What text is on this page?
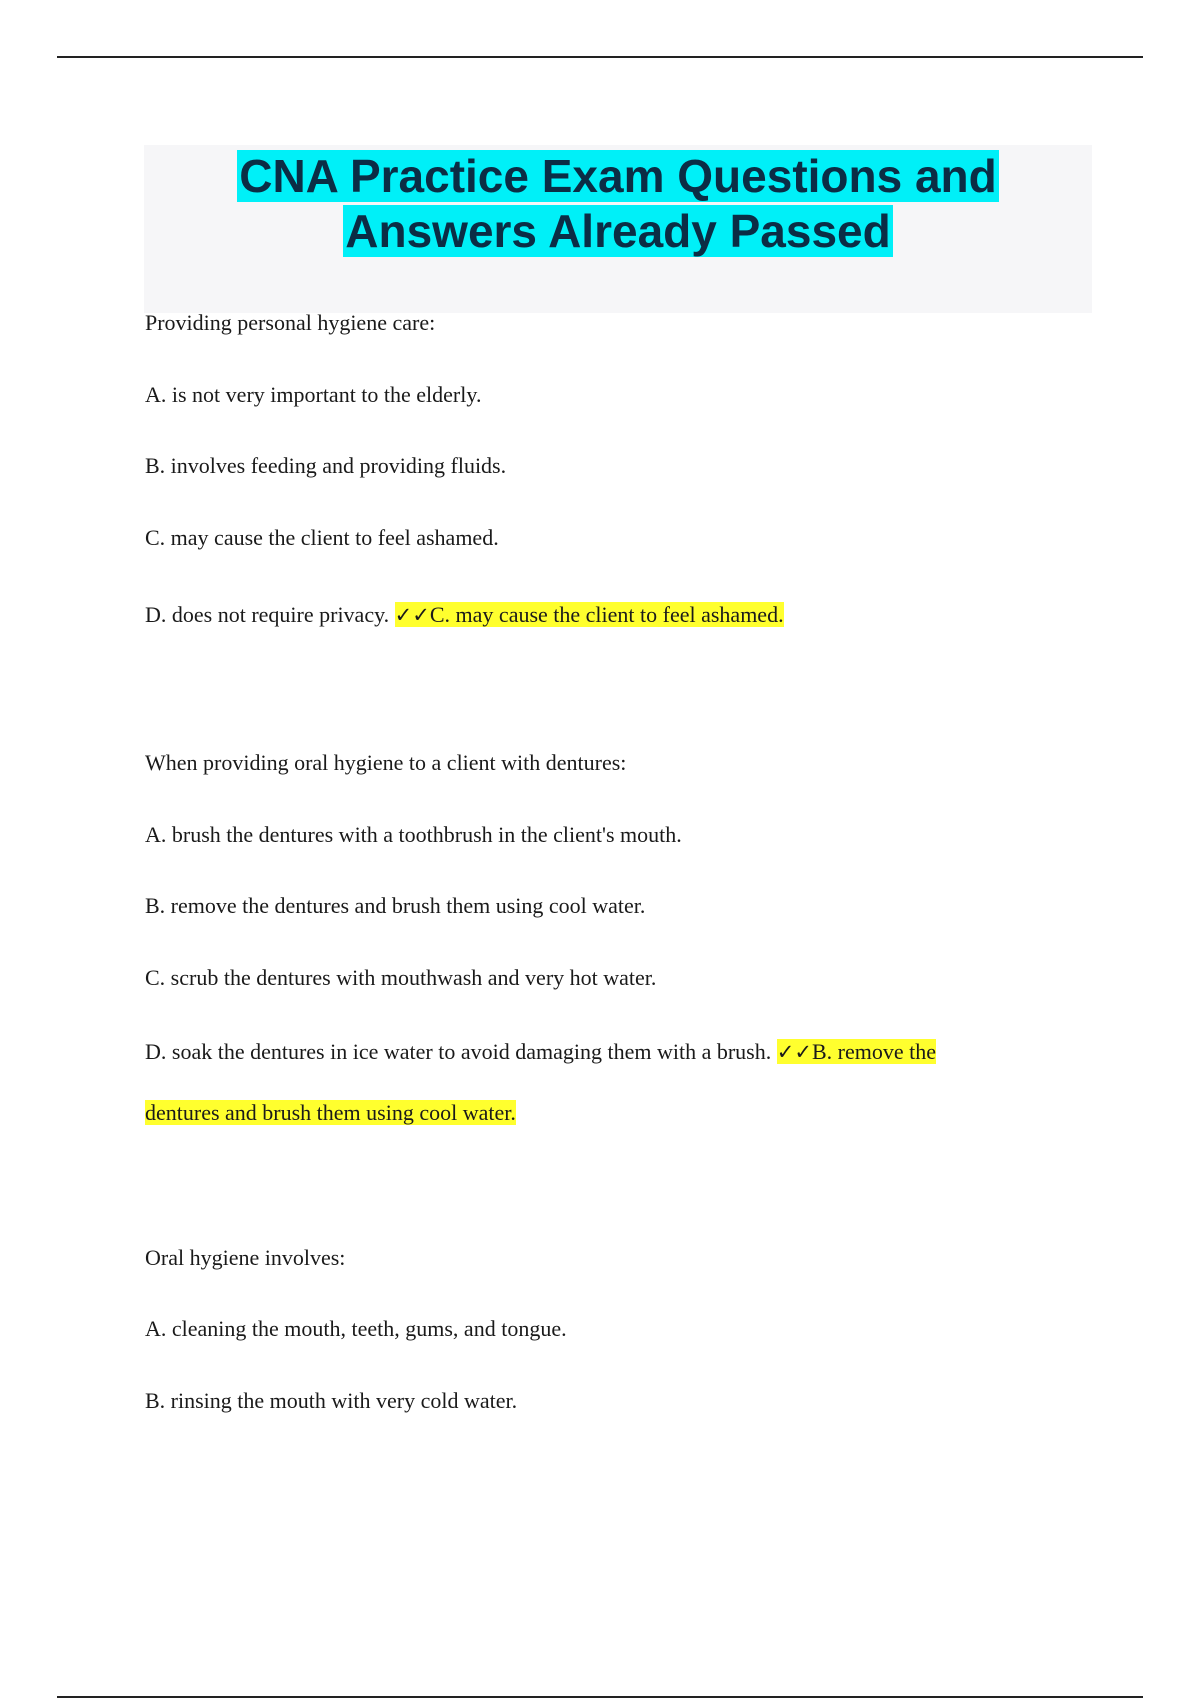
CNA Practice Exam Questions and
Answers Already Passed

Providing personal hygiene care:

A. is not very important to the elderly.

B. involves feeding and providing fluids.

C. may cause the client to feel ashamed.

D. does not require privacy. ✓✓C. may cause the client to feel ashamed.

When providing oral hygiene to a client with dentures:

A. brush the dentures with a toothbrush in the client's mouth.

B. remove the dentures and brush them using cool water.

C. scrub the dentures with mouthwash and very hot water.

D. soak the dentures in ice water to avoid damaging them with a brush. ✓✓B. remove the

dentures and brush them using cool water.

Oral hygiene involves:

A. cleaning the mouth, teeth, gums, and tongue.

B. rinsing the mouth with very cold water.
